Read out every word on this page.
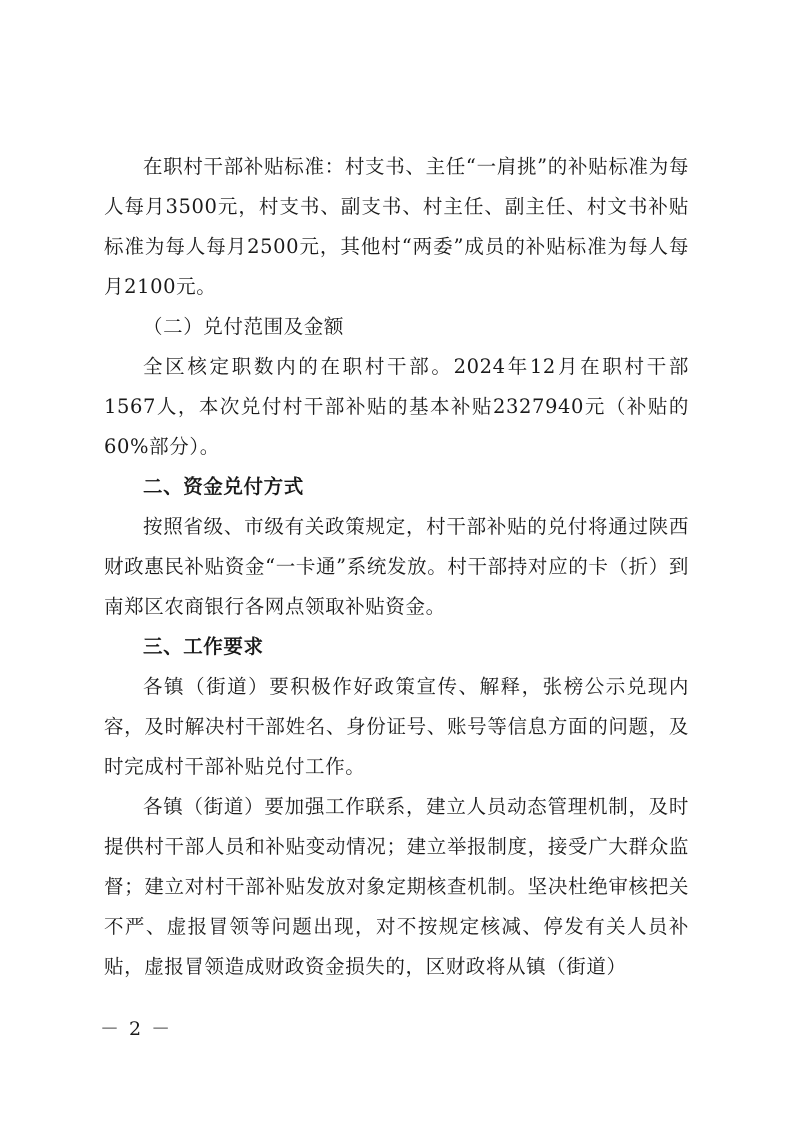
在职村干部补贴标准：村支书、主任“一肩挑”的补贴标准为每人每月3500元，村支书、副支书、村主任、副主任、村文书补贴标准为每人每月2500元，其他村“两委”成员的补贴标准为每人每月2100元。

（二）兑付范围及金额

全区核定职数内的在职村干部。2024年12月在职村干部1567人，本次兑付村干部补贴的基本补贴2327940元（补贴的60%部分）。

二、资金兑付方式

按照省级、市级有关政策规定，村干部补贴的兑付将通过陕西财政惠民补贴资金“一卡通”系统发放。村干部持对应的卡（折）到南郑区农商银行各网点领取补贴资金。

三、工作要求

各镇（街道）要积极作好政策宣传、解释，张榜公示兑现内容，及时解决村干部姓名、身份证号、账号等信息方面的问题，及时完成村干部补贴兑付工作。

各镇（街道）要加强工作联系，建立人员动态管理机制，及时提供村干部人员和补贴变动情况；建立举报制度，接受广大群众监督；建立对村干部补贴发放对象定期核查机制。坚决杜绝审核把关不严、虚报冒领等问题出现，对不按规定核减、停发有关人员补贴，虚报冒领造成财政资金损失的，区财政将从镇（街道）

－ 2 －
